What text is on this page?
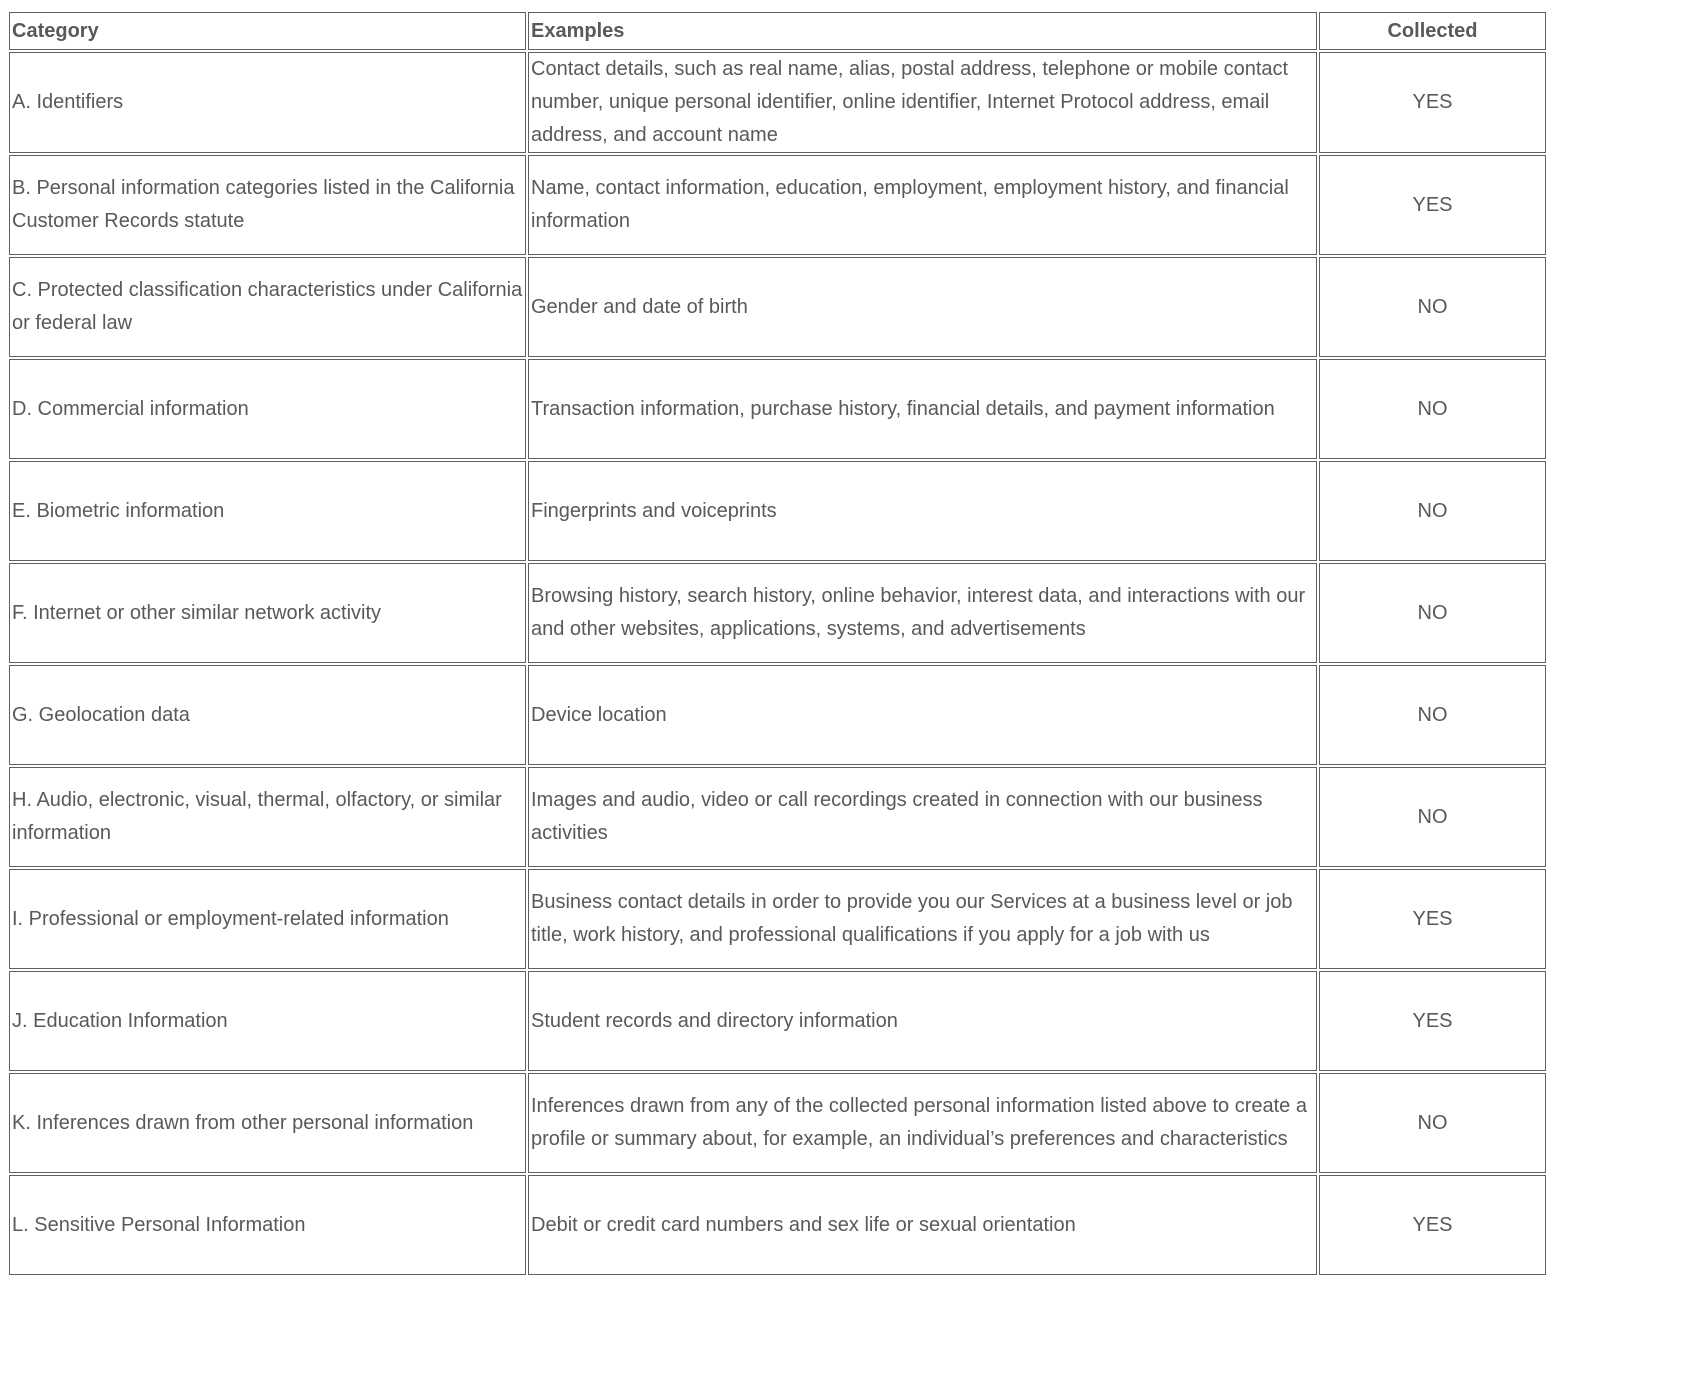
Category	Examples	Collected
A. Identifiers	Contact details, such as real name, alias, postal address, telephone or mobile contact number, unique personal identifier, online identifier, Internet Protocol address, email address, and account name	YES
B. Personal information categories listed in the California Customer Records statute	Name, contact information, education, employment, employment history, and financial information	YES
C. Protected classification characteristics under California or federal law	Gender and date of birth	NO
D. Commercial information	Transaction information, purchase history, financial details, and payment information	NO
E. Biometric information	Fingerprints and voiceprints	NO
F. Internet or other similar network activity	Browsing history, search history, online behavior, interest data, and interactions with our and other websites, applications, systems, and advertisements	NO
G. Geolocation data	Device location	NO
H. Audio, electronic, visual, thermal, olfactory, or similar information	Images and audio, video or call recordings created in connection with our business activities	NO
I. Professional or employment-related information	Business contact details in order to provide you our Services at a business level or job title, work history, and professional qualifications if you apply for a job with us	YES
J. Education Information	Student records and directory information	YES
K. Inferences drawn from other personal information	Inferences drawn from any of the collected personal information listed above to create a profile or summary about, for example, an individual’s preferences and characteristics	NO
L. Sensitive Personal Information	Debit or credit card numbers and sex life or sexual orientation	YES
